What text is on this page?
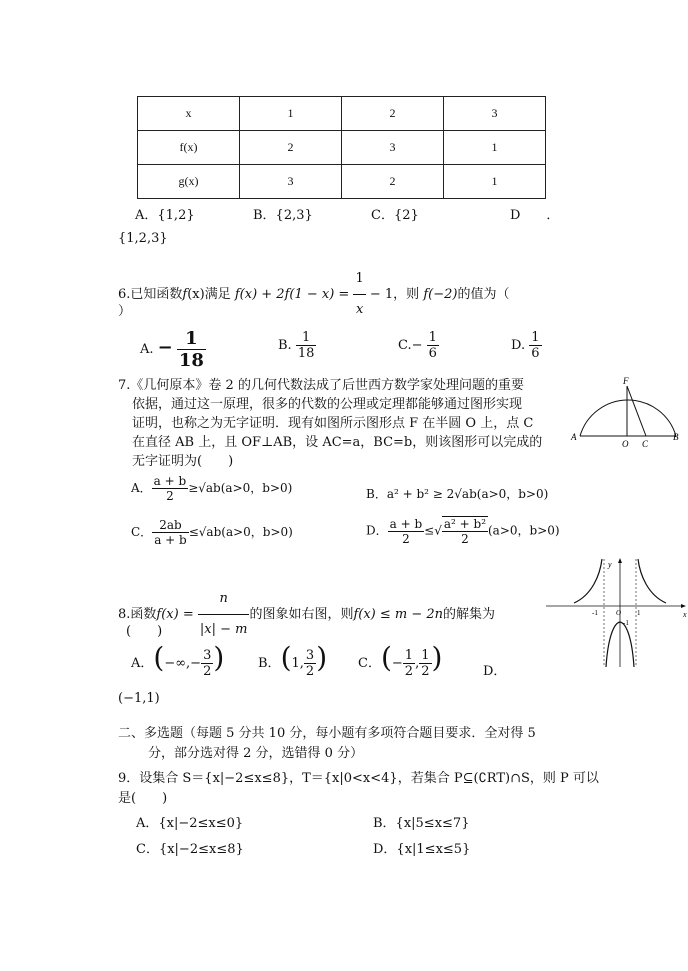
x	1	2	3
f(x)	2	3	1
g(x)	3	2	1
A．{1,2}	B．{2,3}	C．{2}	D　　．
{1,2,3}
6.已知函数f(x)满足 $f(x) + 2f(1 - x) = \frac{1}{x} - 1$，则 f(−2)的值为（
）
A. − $\frac{1}{18}$	B. $\frac{1}{18}$	$C.- \frac{1}{6}$	D. $\frac{1}{6}$
7.《几何原本》卷 2 的几何代数法成了后世西方数学家处理问题的重要
依据，通过这一原理，很多的代数的公理或定理都能够通过图形实现
证明，也称之为无字证明．现有如图所示图形点 F 在半圆 O 上，点 C
在直径 AB 上，且 OF⊥AB，设 AC=a，BC=b，则该图形可以完成的
无字证明为(　　)
F
A
O C
B
A． $\frac{a + b}{2} \ge√ab(a>0$，b>0)	B．a² + b² ≥ 2√ab(a>0，b>0)
C． $\frac{2ab}{a + b} \le√ab(a>0$，b>0)	D． $\frac{a + b}{2}$ ≤√ $\frac{\text{a² + b²}}{2} (a>0$，b>0)
8.函数$f(x) = \frac{n}{|x| - m}$ 的图象如右图，则f(x) ≤ m − 2n的解集为
(　　)
y
x
-1	O 1
-1
A．(−∞,− $\frac{3}{2}$ )	B．(1, $\frac{3}{2}$ ) C．(− $\frac{1}{2}$ , $\frac{1}{2}$ )	D．
(−1,1)
二、多选题（每题 5 分共 10 分，每小题有多项符合题目要求．全对得 5
分，部分选对得 2 分，选错得 0 分）
9．设集合 S＝{x|−2≤x≤8}，T＝{x|0<x<4}，若集合 P⊆(∁RT)∩S，则 P 可以
是(　　)
A．{x|−2≤x≤0}	B．{x|5≤x≤7}
C．{x|−2≤x≤8}	D．{x|1≤x≤5}
